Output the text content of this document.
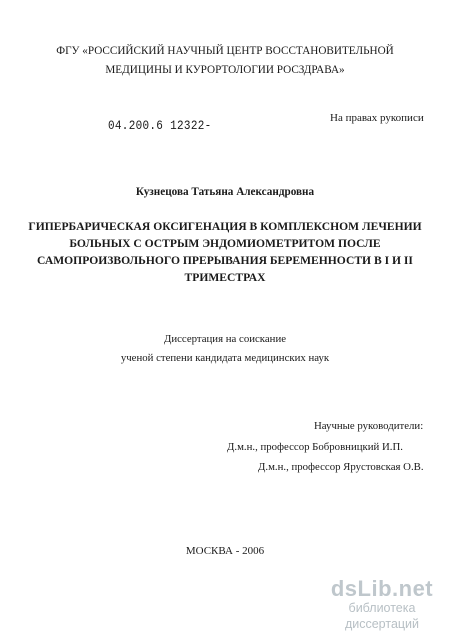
ФГУ «РОССИЙСКИЙ НАУЧНЫЙ ЦЕНТР ВОССТАНОВИТЕЛЬНОЙ
МЕДИЦИНЫ И КУРОРТОЛОГИИ РОСЗДРАВА»
04.200.6 12322-
На правах рукописи
Кузнецова Татьяна Александровна
ГИПЕРБАРИЧЕСКАЯ ОКСИГЕНАЦИЯ В КОМПЛЕКСНОМ ЛЕЧЕНИИ
БОЛЬНЫХ С ОСТРЫМ ЭНДОМИОМЕТРИТОМ ПОСЛЕ
САМОПРОИЗВОЛЬНОГО ПРЕРЫВАНИЯ БЕРЕМЕННОСТИ В I И II
ТРИМЕСТРАХ
Диссертация на соискание
ученой степени кандидата медицинских наук
Научные руководители:
Д.м.н., профессор Бобровницкий И.П.
Д.м.н., профессор Ярустовская О.В.
МОСКВА - 2006
dsLib.net
библиотека диссертаций
